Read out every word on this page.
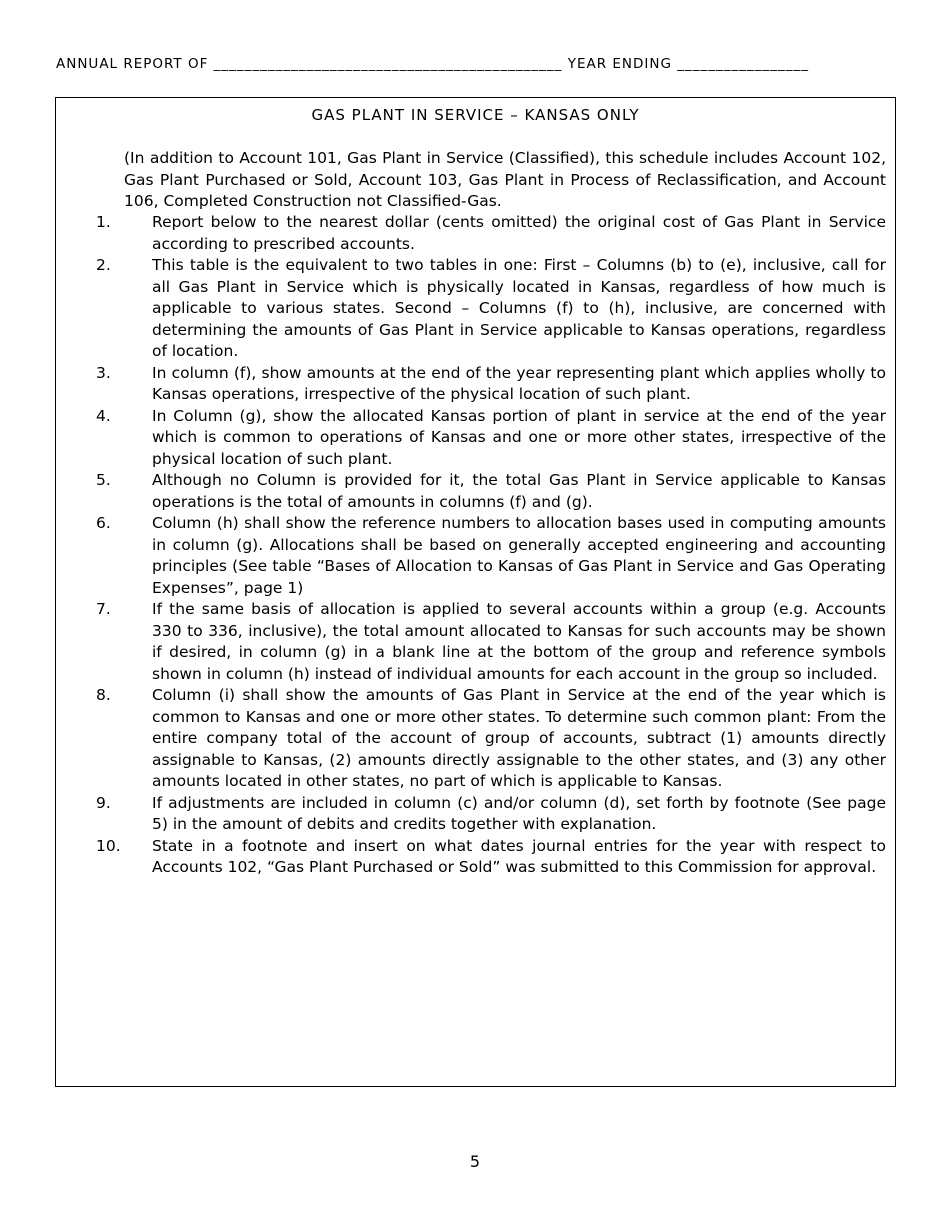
ANNUAL REPORT OF _____________________________________________ YEAR ENDING _________________
GAS PLANT IN SERVICE – KANSAS ONLY
(In addition to Account 101, Gas Plant in Service (Classified), this schedule includes Account 102, Gas Plant Purchased or Sold, Account 103, Gas Plant in Process of Reclassification, and Account 106, Completed Construction not Classified-Gas.
1.	Report below to the nearest dollar (cents omitted) the original cost of Gas Plant in Service according to prescribed accounts.
2.	This table is the equivalent to two tables in one: First – Columns (b) to (e), inclusive, call for all Gas Plant in Service which is physically located in Kansas, regardless of how much is applicable to various states. Second – Columns (f) to (h), inclusive, are concerned with determining the amounts of Gas Plant in Service applicable to Kansas operations, regardless of location.
3.	In column (f), show amounts at the end of the year representing plant which applies wholly to Kansas operations, irrespective of the physical location of such plant.
4.	In Column (g), show the allocated Kansas portion of plant in service at the end of the year which is common to operations of Kansas and one or more other states, irrespective of the physical location of such plant.
5.	Although no Column is provided for it, the total Gas Plant in Service applicable to Kansas operations is the total of amounts in columns (f) and (g).
6.	Column (h) shall show the reference numbers to allocation bases used in computing amounts in column (g). Allocations shall be based on generally accepted engineering and accounting principles (See table “Bases of Allocation to Kansas of Gas Plant in Service and Gas Operating Expenses”, page 1)
7.	If the same basis of allocation is applied to several accounts within a group (e.g. Accounts 330 to 336, inclusive), the total amount allocated to Kansas for such accounts may be shown if desired, in column (g) in a blank line at the bottom of the group and reference symbols shown in column (h) instead of individual amounts for each account in the group so included.
8.	Column (i) shall show the amounts of Gas Plant in Service at the end of the year which is common to Kansas and one or more other states. To determine such common plant: From the entire company total of the account of group of accounts, subtract (1) amounts directly assignable to Kansas, (2) amounts directly assignable to the other states, and (3) any other amounts located in other states, no part of which is applicable to Kansas.
9.	If adjustments are included in column (c) and/or column (d), set forth by footnote (See page 5) in the amount of debits and credits together with explanation.
10. State in a footnote and insert on what dates journal entries for the year with respect to Accounts 102, “Gas Plant Purchased or Sold” was submitted to this Commission for approval.
5
